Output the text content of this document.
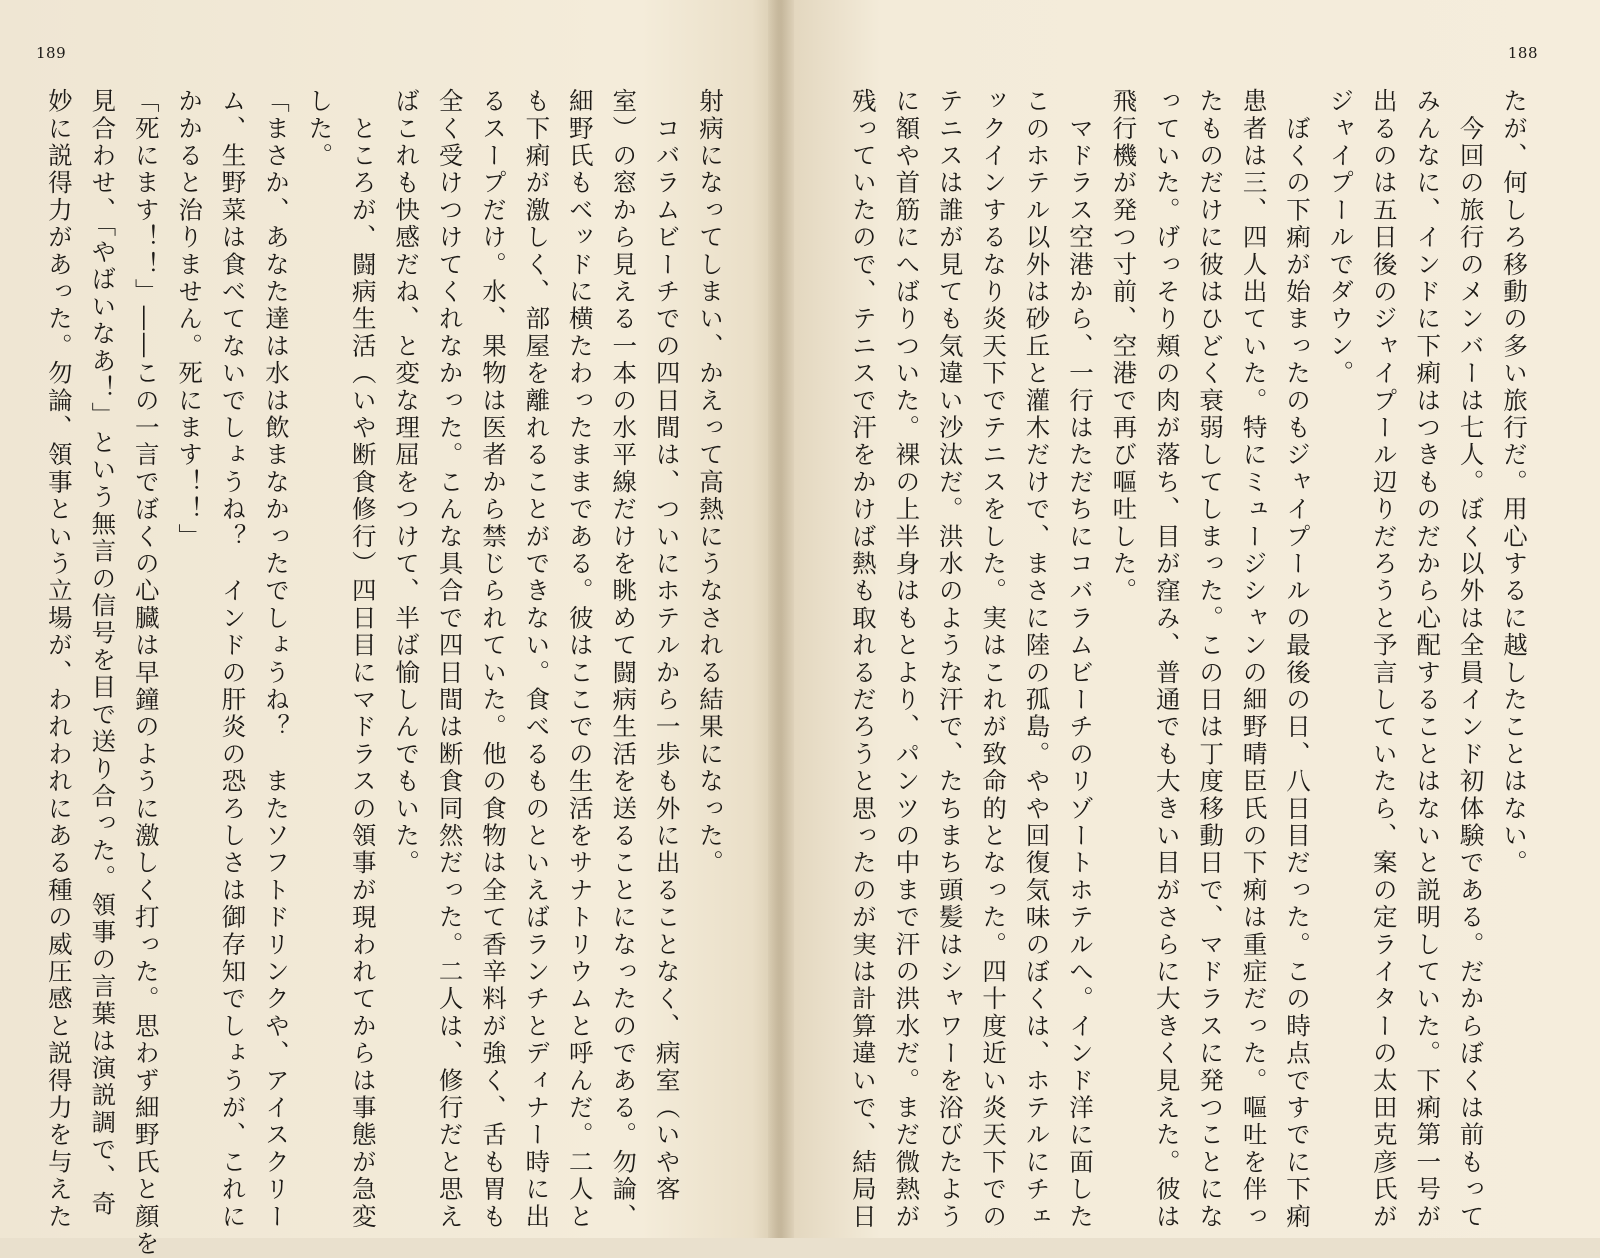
189
射病になってしまい、かえって高熱にうなされる結果になった。
　コバラムビーチでの四日間は、ついにホテルから一歩も外に出ることなく、病室（いや客
室）の窓から見える一本の水平線だけを眺めて闘病生活を送ることになったのである。勿論、
細野氏もベッドに横たわったままである。彼はここでの生活をサナトリウムと呼んだ。二人と
も下痢が激しく、部屋を離れることができない。食べるものといえばランチとディナー時に出
るスープだけ。水、果物は医者から禁じられていた。他の食物は全て香辛料が強く、舌も胃も
全く受けつけてくれなかった。こんな具合で四日間は断食同然だった。二人は、修行だと思え
ばこれも快感だね、と変な理屈をつけて、半ば愉しんでもいた。
　ところが、闘病生活（いや断食修行）四日目にマドラスの領事が現われてからは事態が急変
した。
「まさか、あなた達は水は飲まなかったでしょうね？　またソフトドリンクや、アイスクリー
ム、生野菜は食べてないでしょうね？　インドの肝炎の恐ろしさは御存知でしょうが、これに
かかると治りません。死にます！！」
「死にます！！」――この一言でぼくの心臓は早鐘のように激しく打った。思わず細野氏と顔を
見合わせ、「やばいなあ！」という無言の信号を目で送り合った。領事の言葉は演説調で、奇
妙に説得力があった。勿論、領事という立場が、われわれにある種の威圧感と説得力を与えた
188
たが、何しろ移動の多い旅行だ。用心するに越したことはない。
　今回の旅行のメンバーは七人。ぼく以外は全員インド初体験である。だからぼくは前もって
みんなに、インドに下痢はつきものだから心配することはないと説明していた。下痢第一号が
出るのは五日後のジャイプール辺りだろうと予言していたら、案の定ライターの太田克彦氏が
ジャイプールでダウン。
　ぼくの下痢が始まったのもジャイプールの最後の日、八日目だった。この時点ですでに下痢
患者は三、四人出ていた。特にミュージシャンの細野晴臣氏の下痢は重症だった。嘔吐を伴っ
たものだけに彼はひどく衰弱してしまった。この日は丁度移動日で、マドラスに発つことにな
っていた。げっそり頬の肉が落ち、目が窪み、普通でも大きい目がさらに大きく見えた。彼は
飛行機が発つ寸前、空港で再び嘔吐した。
　マドラス空港から、一行はただちにコバラムビーチのリゾートホテルへ。インド洋に面した
このホテル以外は砂丘と灌木だけで、まさに陸の孤島。やや回復気味のぼくは、ホテルにチェ
ックインするなり炎天下でテニスをした。実はこれが致命的となった。四十度近い炎天下での
テニスは誰が見ても気違い沙汰だ。洪水のような汗で、たちまち頭髪はシャワーを浴びたよう
に額や首筋にへばりついた。裸の上半身はもとより、パンツの中まで汗の洪水だ。まだ微熱が
残っていたので、テニスで汗をかけば熱も取れるだろうと思ったのが実は計算違いで、結局日
